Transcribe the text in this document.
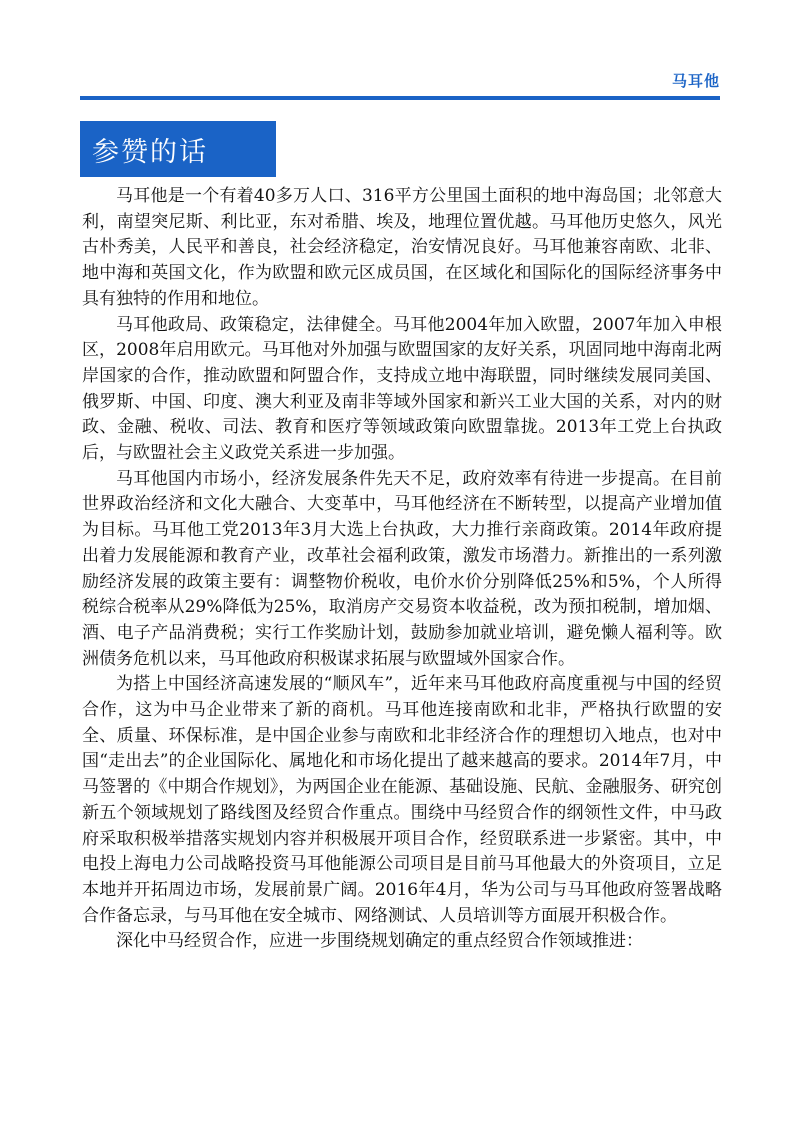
马耳他
参赞的话

马耳他是一个有着40多万人口、316平方公里国土面积的地中海岛国；北邻意大利，南望突尼斯、利比亚，东对希腊、埃及，地理位置优越。马耳他历史悠久，风光古朴秀美，人民平和善良，社会经济稳定，治安情况良好。马耳他兼容南欧、北非、地中海和英国文化，作为欧盟和欧元区成员国，在区域化和国际化的国际经济事务中具有独特的作用和地位。

马耳他政局、政策稳定，法律健全。马耳他2004年加入欧盟，2007年加入申根区，2008年启用欧元。马耳他对外加强与欧盟国家的友好关系，巩固同地中海南北两岸国家的合作，推动欧盟和阿盟合作，支持成立地中海联盟，同时继续发展同美国、俄罗斯、中国、印度、澳大利亚及南非等域外国家和新兴工业大国的关系，对内的财政、金融、税收、司法、教育和医疗等领域政策向欧盟靠拢。2013年工党上台执政后，与欧盟社会主义政党关系进一步加强。

马耳他国内市场小，经济发展条件先天不足，政府效率有待进一步提高。在目前世界政治经济和文化大融合、大变革中，马耳他经济在不断转型，以提高产业增加值为目标。马耳他工党2013年3月大选上台执政，大力推行亲商政策。2014年政府提出着力发展能源和教育产业，改革社会福利政策，激发市场潜力。新推出的一系列激励经济发展的政策主要有：调整物价税收，电价水价分别降低25%和5%，个人所得税综合税率从29%降低为25%，取消房产交易资本收益税，改为预扣税制，增加烟、酒、电子产品消费税；实行工作奖励计划，鼓励参加就业培训，避免懒人福利等。欧洲债务危机以来，马耳他政府积极谋求拓展与欧盟域外国家合作。

为搭上中国经济高速发展的“顺风车”，近年来马耳他政府高度重视与中国的经贸合作，这为中马企业带来了新的商机。马耳他连接南欧和北非，严格执行欧盟的安全、质量、环保标准，是中国企业参与南欧和北非经济合作的理想切入地点，也对中国“走出去”的企业国际化、属地化和市场化提出了越来越高的要求。2014年7月，中马签署的《中期合作规划》，为两国企业在能源、基础设施、民航、金融服务、研究创新五个领域规划了路线图及经贸合作重点。围绕中马经贸合作的纲领性文件，中马政府采取积极举措落实规划内容并积极展开项目合作，经贸联系进一步紧密。其中，中电投上海电力公司战略投资马耳他能源公司项目是目前马耳他最大的外资项目，立足本地并开拓周边市场，发展前景广阔。2016年4月，华为公司与马耳他政府签署战略合作备忘录，与马耳他在安全城市、网络测试、人员培训等方面展开积极合作。

深化中马经贸合作，应进一步围绕规划确定的重点经贸合作领域推进：
